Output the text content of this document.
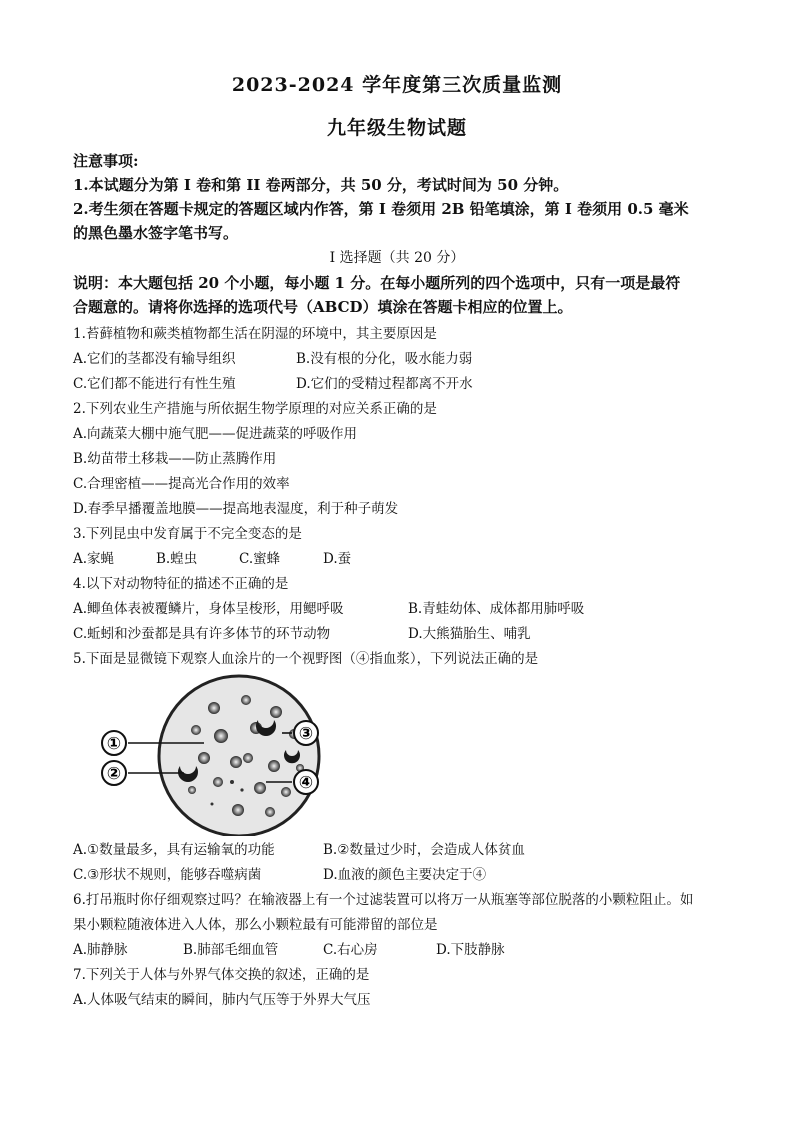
2023-2024 学年度第三次质量监测
九年级生物试题
注意事项:
1.本试题分为第 I 卷和第 II 卷两部分，共 50 分，考试时间为 50 分钟。
2.考生须在答题卡规定的答题区域内作答，第 I 卷须用 2B 铅笔填涂，第 I 卷须用 0.5 毫米
的黑色墨水签字笔书写。
I 选择题（共 20 分）
说明：本大题包括 20 个小题，每小题 1 分。在每小题所列的四个选项中，只有一项是最符
合题意的。请将你选择的选项代号（ABCD）填涂在答题卡相应的位置上。
1.苔藓植物和蕨类植物都生活在阴湿的环境中，其主要原因是
A.它们的茎都没有输导组织	B.没有根的分化，吸水能力弱
C.它们都不能进行有性生殖	D.它们的受精过程都离不开水
2.下列农业生产措施与所依据生物学原理的对应关系正确的是
A.向蔬菜大棚中施气肥——促进蔬菜的呼吸作用
B.幼苗带土移栽——防止蒸腾作用
C.合理密植——提高光合作用的效率
D.春季早播覆盖地膜——提高地表湿度，利于种子萌发
3.下列昆虫中发育属于不完全变态的是
A.家蝇	B.蝗虫	C.蜜蜂	D.蚕
4.以下对动物特征的描述不正确的是
A.鲫鱼体表被覆鳞片，身体呈梭形，用鳃呼吸	B.青蛙幼体、成体都用肺呼吸
C.蚯蚓和沙蚕都是具有许多体节的环节动物	D.大熊猫胎生、哺乳
5.下面是显微镜下观察人血涂片的一个视野图（④指血浆），下列说法正确的是
①
②
③
④
A.①数量最多，具有运输氧的功能	B.②数量过少时，会造成人体贫血
C.③形状不规则，能够吞噬病菌	D.血液的颜色主要决定于④
6.打吊瓶时你仔细观察过吗？在输液器上有一个过滤装置可以将万一从瓶塞等部位脱落的小颗粒阻止。如
果小颗粒随液体进入人体，那么小颗粒最有可能滞留的部位是
A.肺静脉	B.肺部毛细血管	C.右心房	D.下肢静脉
7.下列关于人体与外界气体交换的叙述，正确的是
A.人体吸气结束的瞬间，肺内气压等于外界大气压
